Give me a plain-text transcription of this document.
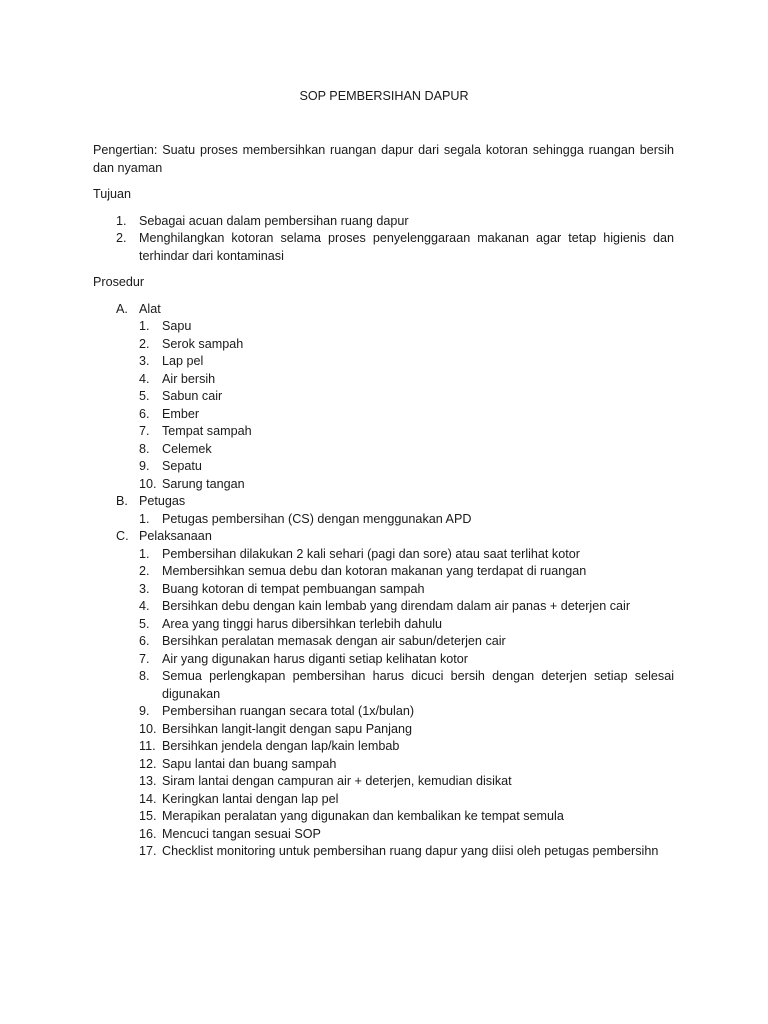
SOP PEMBERSIHAN DAPUR

Pengertian: Suatu proses membersihkan ruangan dapur dari segala kotoran sehingga ruangan bersih dan nyaman

Tujuan

1. Sebagai acuan dalam pembersihan ruang dapur
2. Menghilangkan kotoran selama proses penyelenggaraan makanan agar tetap higienis dan terhindar dari kontaminasi

Prosedur

A. Alat
1. Sapu
2. Serok sampah
3. Lap pel
4. Air bersih
5. Sabun cair
6. Ember
7. Tempat sampah
8. Celemek
9. Sepatu
10. Sarung tangan
B. Petugas
1. Petugas pembersihan (CS) dengan menggunakan APD
C. Pelaksanaan
1. Pembersihan dilakukan 2 kali sehari (pagi dan sore) atau saat terlihat kotor
2. Membersihkan semua debu dan kotoran makanan yang terdapat di ruangan
3. Buang kotoran di tempat pembuangan sampah
4. Bersihkan debu dengan kain lembab yang direndam dalam air panas + deterjen cair
5. Area yang tinggi harus dibersihkan terlebih dahulu
6. Bersihkan peralatan memasak dengan air sabun/deterjen cair
7. Air yang digunakan harus diganti setiap kelihatan kotor
8. Semua perlengkapan pembersihan harus dicuci bersih dengan deterjen setiap selesai digunakan
9. Pembersihan ruangan secara total (1x/bulan)
10. Bersihkan langit-langit dengan sapu Panjang
11. Bersihkan jendela dengan lap/kain lembab
12. Sapu lantai dan buang sampah
13. Siram lantai dengan campuran air + deterjen, kemudian disikat
14. Keringkan lantai dengan lap pel
15. Merapikan peralatan yang digunakan dan kembalikan ke tempat semula
16. Mencuci tangan sesuai SOP
17. Checklist monitoring untuk pembersihan ruang dapur yang diisi oleh petugas pembersihn
